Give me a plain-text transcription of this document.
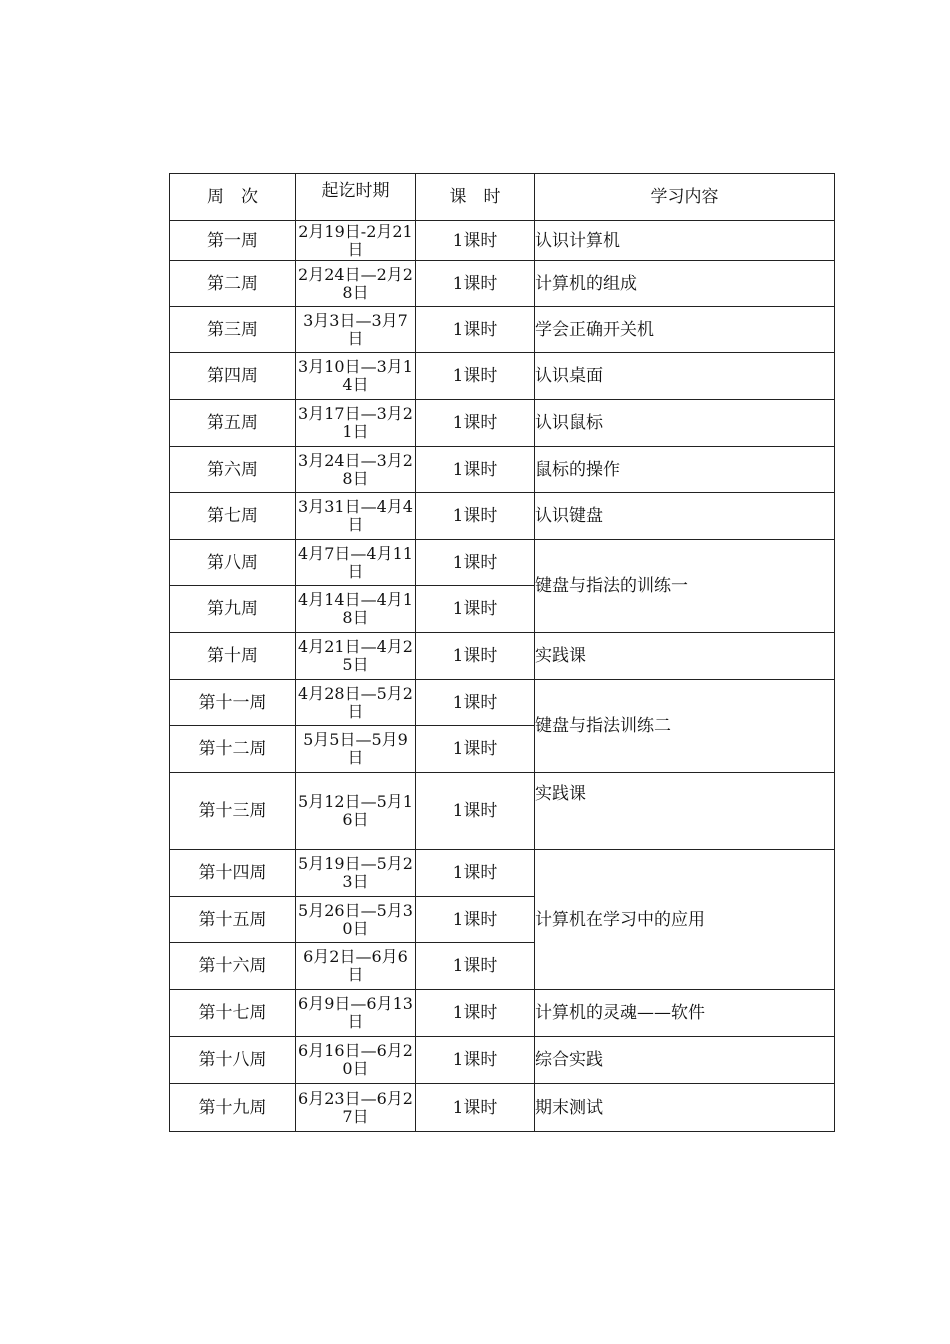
周　次	起讫时期	课　时	学习内容
第一周	2月19日-2月21日	1课时	认识计算机
第二周	2月24日—2月28日	1课时	计算机的组成
第三周	3月3日—3月7日	1课时	学会正确开关机
第四周	3月10日—3月14日	1课时	认识桌面
第五周	3月17日—3月21日	1课时	认识鼠标
第六周	3月24日—3月28日	1课时	鼠标的操作
第七周	3月31日—4月4日	1课时	认识键盘
第八周	4月7日—4月11日	1课时	键盘与指法的训练一
第九周	4月14日—4月18日	1课时	
第十周	4月21日—4月25日	1课时	实践课
第十一周	4月28日—5月2日	1课时	键盘与指法训练二
第十二周	5月5日—5月9日	1课时	
第十三周	5月12日—5月16日	1课时	实践课
第十四周	5月19日—5月23日	1课时	计算机在学习中的应用
第十五周	5月26日—5月30日	1课时	
第十六周	6月2日—6月6日	1课时	
第十七周	6月9日—6月13日	1课时	计算机的灵魂——软件
第十八周	6月16日—6月20日	1课时	综合实践
第十九周	6月23日—6月27日	1课时	期末测试
